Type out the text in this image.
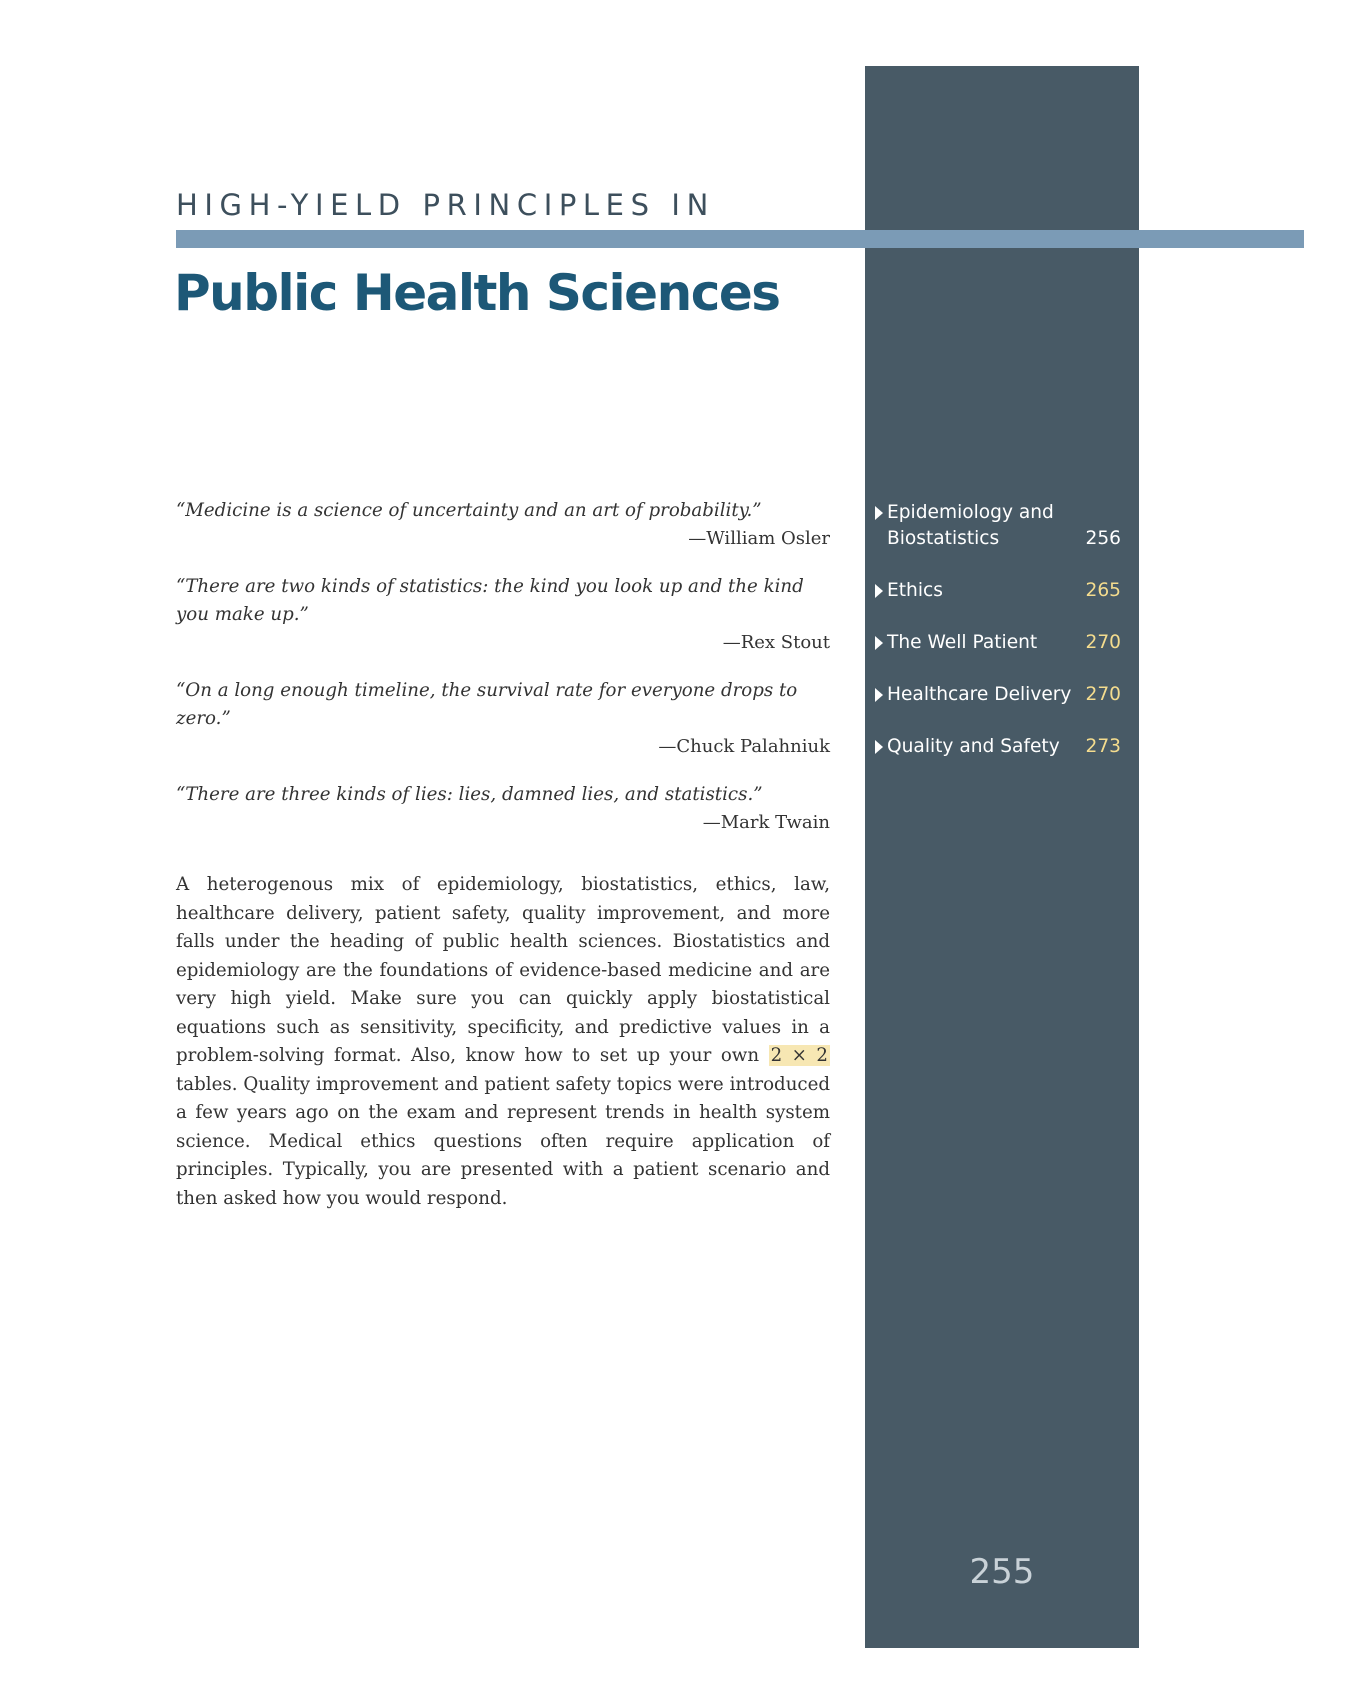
HIGH-YIELD PRINCIPLES IN
Public Health Sciences
“Medicine is a science of uncertainty and an art of probability.”
—William Osler
“There are two kinds of statistics: the kind you look up and the kind you make up.”
—Rex Stout
“On a long enough timeline, the survival rate for everyone drops to zero.”
—Chuck Palahniuk
“There are three kinds of lies: lies, damned lies, and statistics.”
—Mark Twain

A heterogenous mix of epidemiology, biostatistics, ethics, law, healthcare delivery, patient safety, quality improvement, and more falls under the heading of public health sciences. Biostatistics and epidemiology are the foundations of evidence-based medicine and are very high yield. Make sure you can quickly apply biostatistical equations such as sensitivity, specificity, and predictive values in a problem-solving format. Also, know how to set up your own 2 × 2 tables. Quality improvement and patient safety topics were introduced a few years ago on the exam and represent trends in health system science. Medical ethics questions often require application of principles. Typically, you are presented with a patient scenario and then asked how you would respond.

Epidemiology and Biostatistics	256
Ethics	265
The Well Patient	270
Healthcare Delivery 270
Quality and Safety	273
255
